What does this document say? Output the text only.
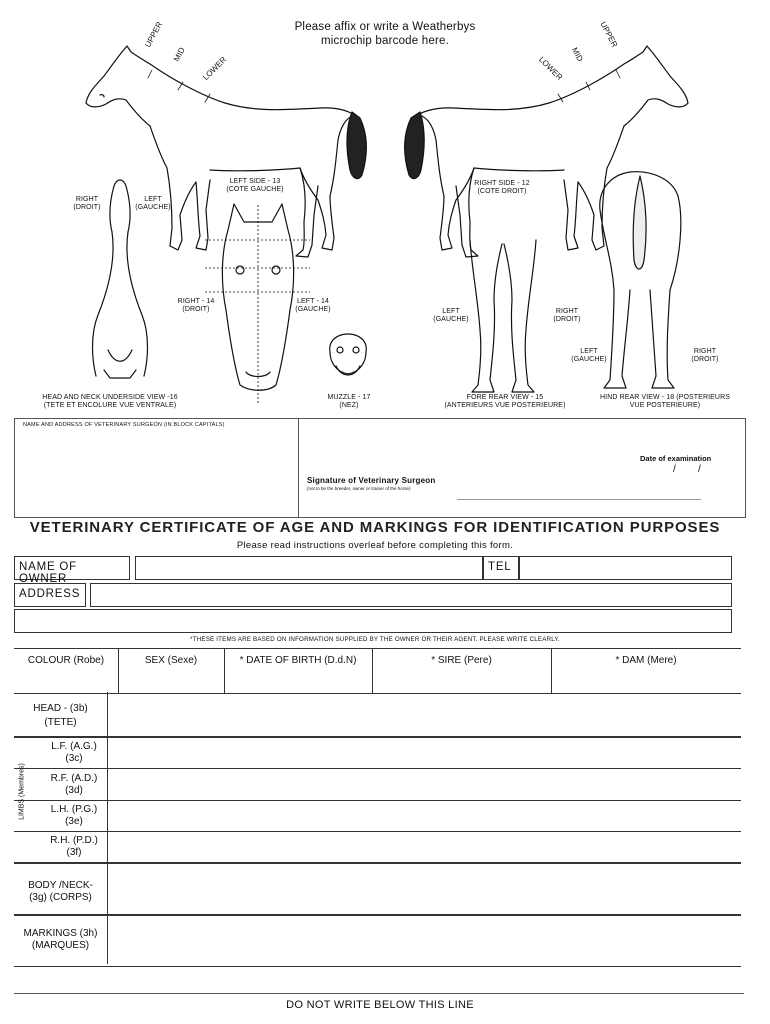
Please affix or write a Weatherbys
microchip barcode here.
UPPER
MID
LOWER
UPPER
MID
LOWER
LEFT SIDE - 13
(COTE GAUCHE)
RIGHT SIDE - 12
(COTE DROIT)
RIGHT
(DROIT)
LEFT
(GAUCHE)
RIGHT - 14
(DROIT)
LEFT - 14
(GAUCHE)	LEFT
(GAUCHE)
RIGHT
(DROIT)
LEFT
(GAUCHE)
RIGHT
(DROIT)
HEAD AND NECK UNDERSIDE VIEW -16
(TETE ET ENCOLURE VUE VENTRALE)
MUZZLE - 17
(NEZ)
FORE REAR VIEW - 15
(ANTERIEURS VUE POSTERIEURE)
HIND REAR VIEW - 18 (POSTERIEURS
VUE POSTERIEURE)
NAME AND ADDRESS OF VETERINARY SURGEON (IN BLOCK CAPITALS)
Signature of Veterinary Surgeon
(not to be the breeder, owner or trainer of the horse)
Date of examination
/        /
VETERINARY CERTIFICATE OF AGE AND MARKINGS FOR IDENTIFICATION PURPOSES
Please read instructions overleaf before completing this form.
NAME OF OWNER
TEL
ADDRESS
*THESE ITEMS ARE BASED ON INFORMATION SUPPLIED BY THE OWNER OR THEIR AGENT. PLEASE WRITE CLEARLY.
COLOUR (Robe)	SEX (Sexe)	* DATE OF BIRTH (D.d.N)	* SIRE (Pere)	* DAM (Mere)
HEAD - (3b)
(TETE)
LIMBS (Membres)
L.F. (A.G.)
(3c)
R.F. (A.D.)
(3d)
L.H. (P.G.)
(3e)
R.H. (P.D.)
(3f)
BODY /NECK-
(3g) (CORPS)
MARKINGS (3h)
(MARQUES)
DO NOT WRITE BELOW THIS LINE
